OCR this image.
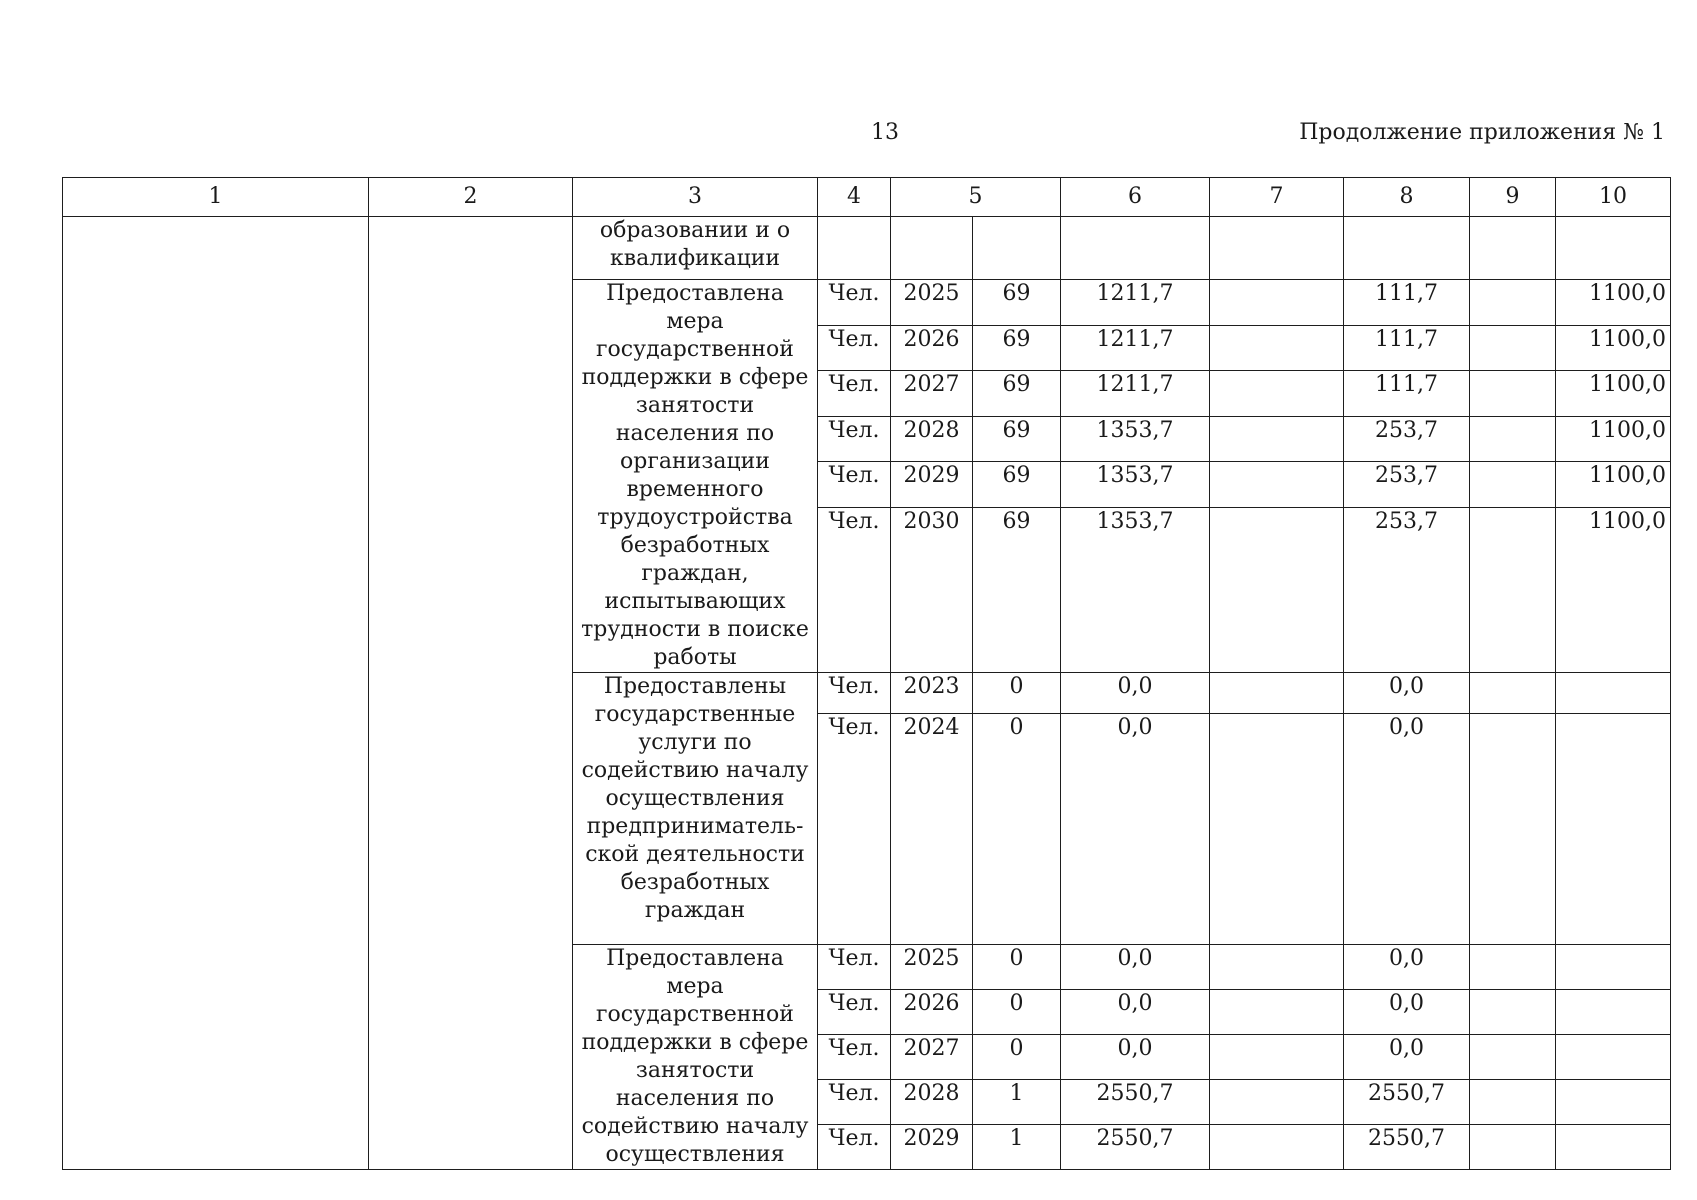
13	Продолжение приложения № 1
1	2	3	4	5		6	7	8	9	10
		образовании и о квалификации								
		Предоставлена мера государственной поддержки в сфере занятости населения по организации временного трудоустройства безработных граждан, испытывающих трудности в поиске работы	Чел.	2025	69	1211,7		111,7		1100,0
			Чел.	2026	69	1211,7		111,7		1100,0
			Чел.	2027	69	1211,7		111,7		1100,0
			Чел.	2028	69	1353,7		253,7		1100,0
			Чел.	2029	69	1353,7		253,7		1100,0
			Чел.	2030	69	1353,7		253,7		1100,0
		Предоставлены государственные услуги по содействию началу осуществления предприниматель-ской деятельности безработных граждан	Чел.	2023	0	0,0		0,0		
			Чел.	2024	0	0,0		0,0		
		Предоставлена мера государственной поддержки в сфере занятости населения по содействию началу осуществления	Чел.	2025	0	0,0		0,0		
			Чел.	2026	0	0,0		0,0		
			Чел.	2027	0	0,0		0,0		
			Чел.	2028	1	2550,7		2550,7		
			Чел.	2029	1	2550,7		2550,7		
